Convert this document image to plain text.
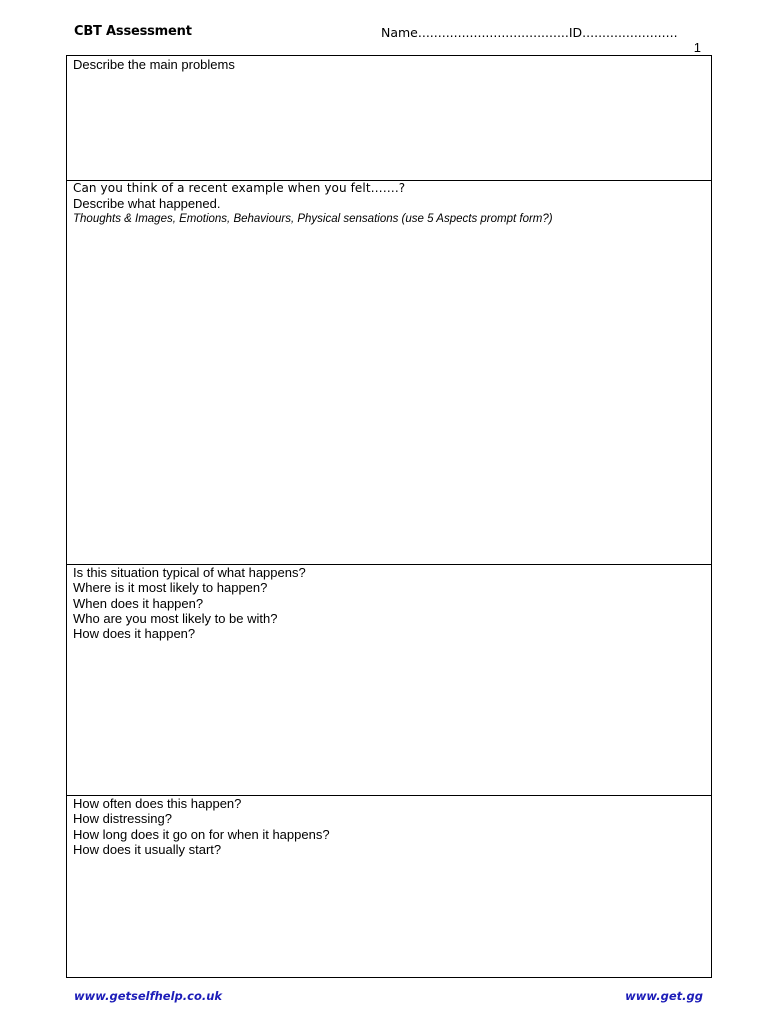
CBT Assessment	Name......................................ID........................
1
Describe the main problems
Can you think of a recent example when you felt…….?
Describe what happened.
Thoughts & Images, Emotions, Behaviours, Physical sensations (use 5 Aspects prompt form?)
Is this situation typical of what happens?
Where is it most likely to happen?
When does it happen?
Who are you most likely to be with?
How does it happen?
How often does this happen?
How distressing?
How long does it go on for when it happens?
How does it usually start?
www.getselfhelp.co.uk	www.get.gg
